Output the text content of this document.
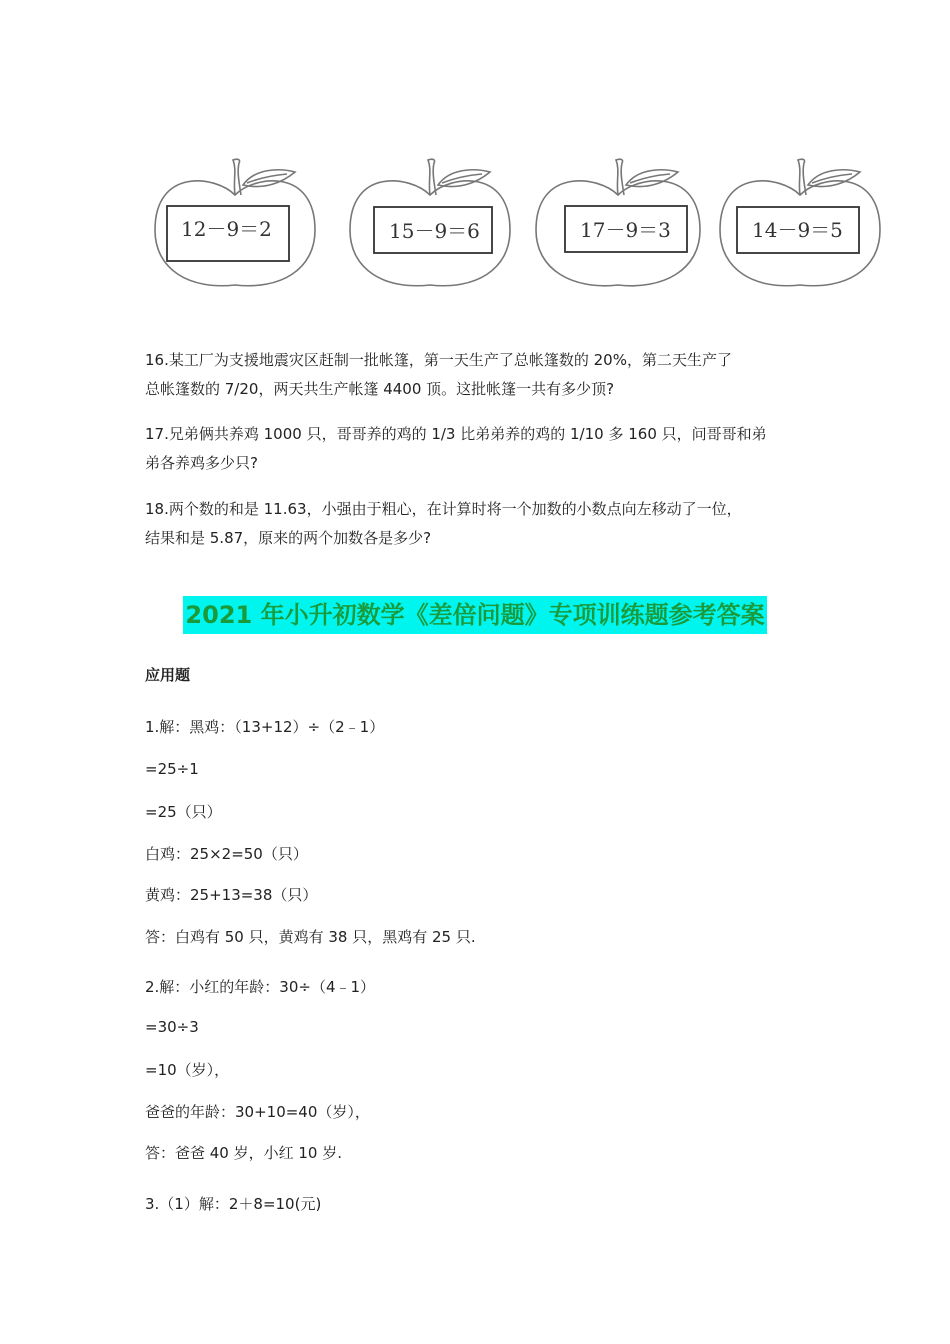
12－9＝2	15－9＝6	17－9＝3	14－9＝5
16.某工厂为支援地震灾区赶制一批帐篷，第一天生产了总帐篷数的 20%，第二天生产了
总帐篷数的 7/20，两天共生产帐篷 4400 顶。这批帐篷一共有多少顶?
17.兄弟俩共养鸡 1000 只，哥哥养的鸡的 1/3 比弟弟养的鸡的 1/10 多 160 只，问哥哥和弟
弟各养鸡多少只?
18.两个数的和是 11.63，小强由于粗心，在计算时将一个加数的小数点向左移动了一位，
结果和是 5.87，原来的两个加数各是多少?
2021 年小升初数学《差倍问题》专项训练题参考答案
应用题
1.解：黑鸡：（13+12）÷（2﹣1）
=25÷1
=25（只）
白鸡：25×2=50（只）
黄鸡：25+13=38（只）
答：白鸡有 50 只，黄鸡有 38 只，黑鸡有 25 只.
2.解：小红的年龄：30÷（4﹣1）
=30÷3
=10（岁），
爸爸的年龄：30+10=40（岁），
答：爸爸 40 岁，小红 10 岁.
3.（1）解：2＋8=10(元)
